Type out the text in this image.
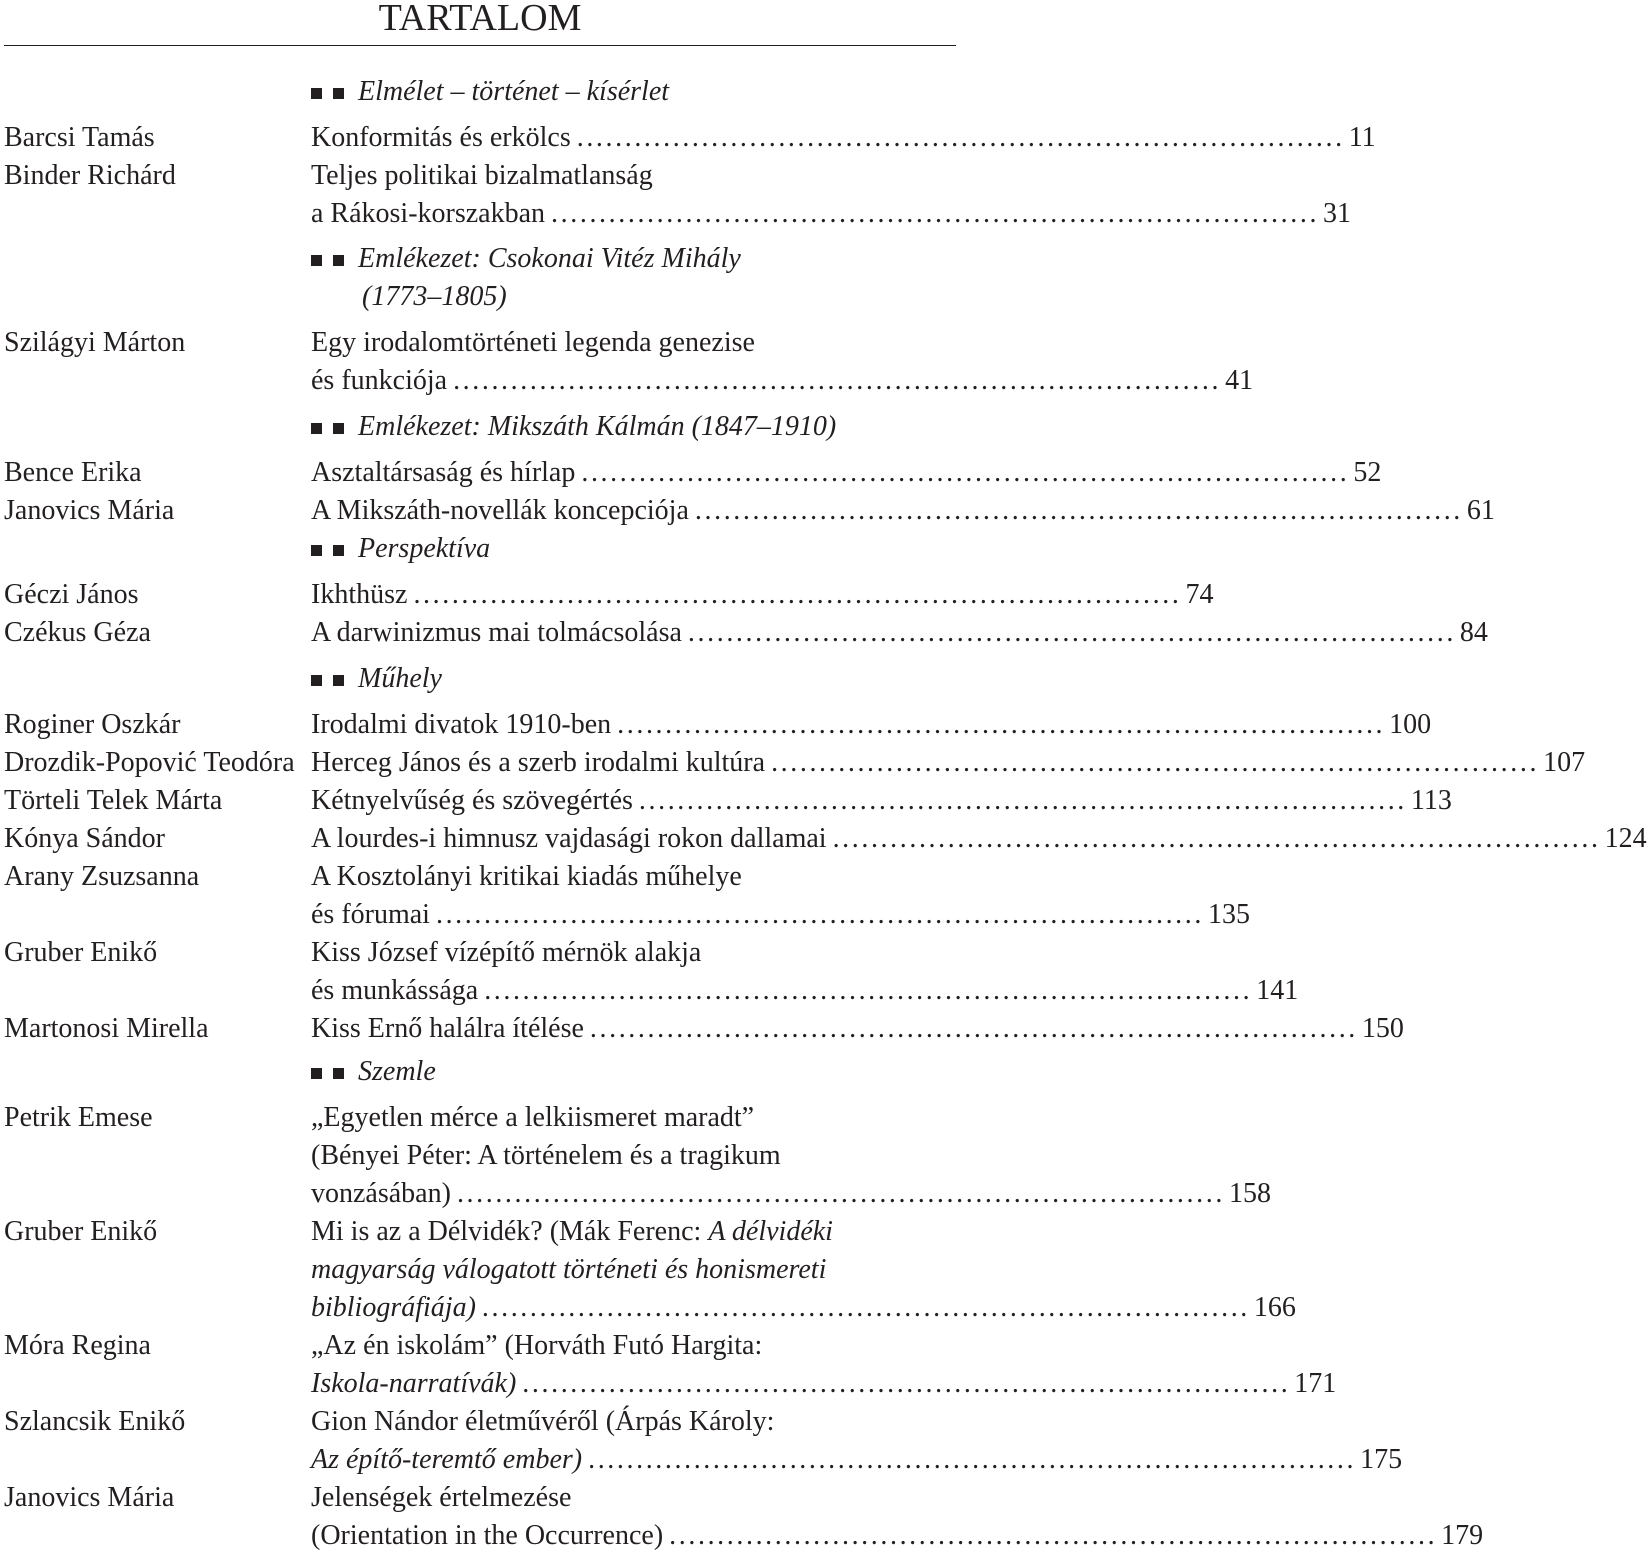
TARTALOM
Elmélet – történet – kísérlet
Barcsi Tamás	Konformitás és erkölcs ................................................................................ 11
Binder Richárd	Teljes politikai bizalmatlanság
a Rákosi-korszakban ................................................................................ 31
Emlékezet: Csokonai Vitéz Mihály
(1773–1805)
Szilágyi Márton	Egy irodalomtörténeti legenda genezise
és funkciója ................................................................................ 41
Emlékezet: Mikszáth Kálmán (1847–1910)
Bence Erika	Asztaltársaság és hírlap ................................................................................ 52
Janovics Mária	A Mikszáth-novellák koncepciója ................................................................................ 61
Perspektíva
Géczi János	Ikhthüsz ................................................................................ 74
Czékus Géza	A darwinizmus mai tolmácsolása ................................................................................ 84
Műhely
Roginer Oszkár	Irodalmi divatok 1910-ben ................................................................................ 100
Drozdik-Popović Teodóra Herceg János és a szerb irodalmi kultúra ................................................................................ 107
Törteli Telek Márta	Kétnyelvűség és szövegértés ................................................................................ 113
Kónya Sándor	A lourdes-i himnusz vajdasági rokon dallamai ................................................................................ 124
Arany Zsuzsanna	A Kosztolányi kritikai kiadás műhelye
és fórumai ................................................................................ 135
Gruber Enikő	Kiss József vízépítő mérnök alakja
és munkássága ................................................................................ 141
Martonosi Mirella	Kiss Ernő halálra ítélése ................................................................................ 150
Szemle
Petrik Emese	„Egyetlen mérce a lelkiismeret maradt”
(Bényei Péter: A történelem és a tragikum
vonzásában) ................................................................................ 158
Gruber Enikő	Mi is az a Délvidék? (Mák Ferenc: A délvidéki
magyarság válogatott történeti és honismereti
bibliográfiája) ................................................................................ 166
Móra Regina	„Az én iskolám” (Horváth Futó Hargita:
Iskola-narratívák) ................................................................................ 171
Szlancsik Enikő	Gion Nándor életművéről (Árpás Károly:
Az építő-teremtő ember) ................................................................................ 175
Janovics Mária	Jelenségek értelmezése
(Orientation in the Occurrence) ................................................................................ 179
